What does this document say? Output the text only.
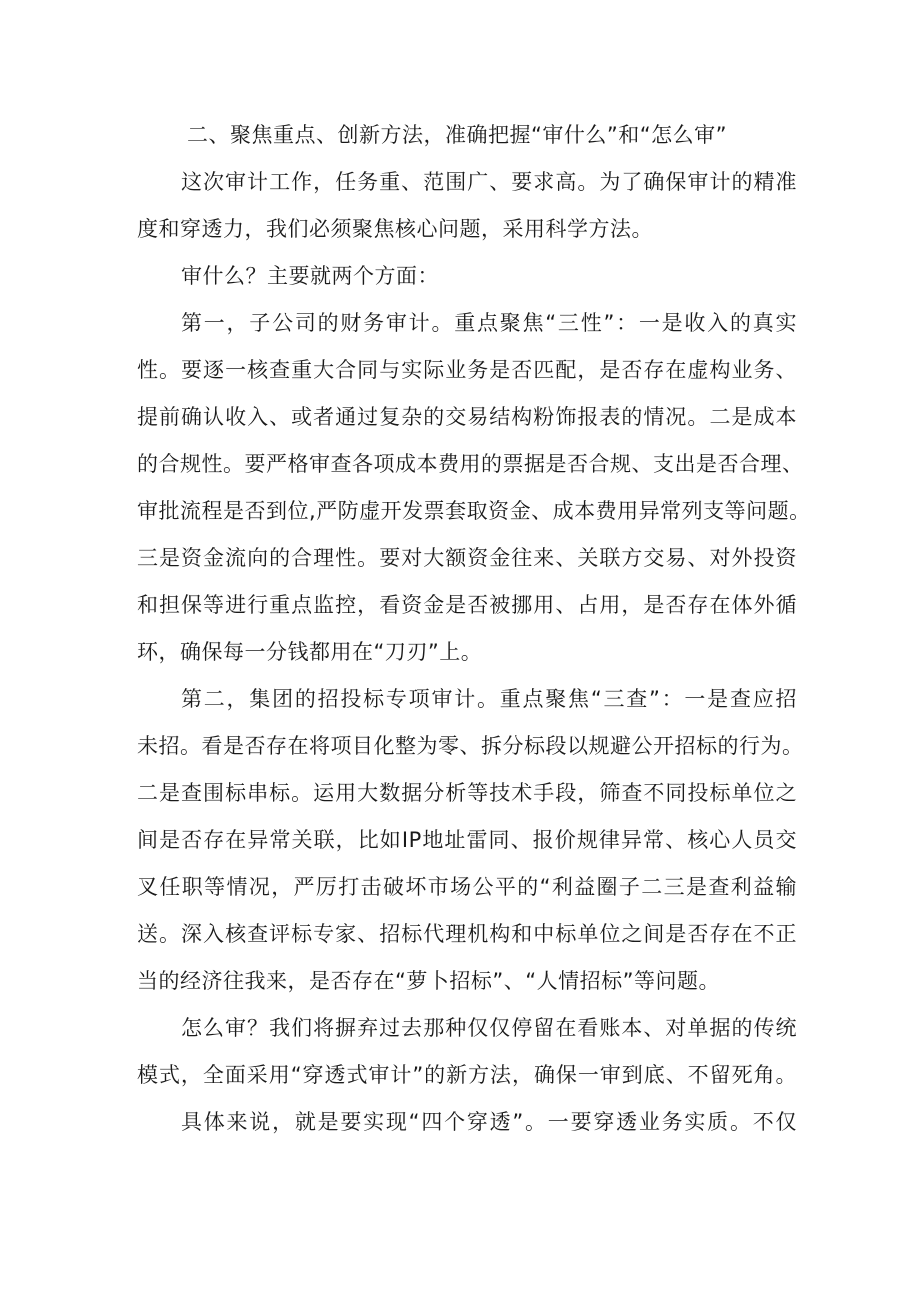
二、聚焦重点、创新方法，准确把握“审什么”和“怎么审”
这次审计工作，任务重、范围广、要求高。为了确保审计的精准
度和穿透力，我们必须聚焦核心问题，采用科学方法。
审什么？主要就两个方面：
第一，子公司的财务审计。重点聚焦“三性”：一是收入的真实
性。要逐一核查重大合同与实际业务是否匹配，是否存在虚构业务、
提前确认收入、或者通过复杂的交易结构粉饰报表的情况。二是成本
的合规性。要严格审查各项成本费用的票据是否合规、支出是否合理、
审批流程是否到位,严防虚开发票套取资金、成本费用异常列支等问题。
三是资金流向的合理性。要对大额资金往来、关联方交易、对外投资
和担保等进行重点监控，看资金是否被挪用、占用，是否存在体外循
环，确保每一分钱都用在“刀刃”上。
第二，集团的招投标专项审计。重点聚焦“三查”：一是查应招
未招。看是否存在将项目化整为零、拆分标段以规避公开招标的行为。
二是查围标串标。运用大数据分析等技术手段，筛查不同投标单位之
间是否存在异常关联，比如IP地址雷同、报价规律异常、核心人员交
叉任职等情况，严厉打击破坏市场公平的“利益圈子二三是查利益输
送。深入核查评标专家、招标代理机构和中标单位之间是否存在不正
当的经济往我来，是否存在“萝卜招标”、“人情招标”等问题。
怎么审？我们将摒弃过去那种仅仅停留在看账本、对单据的传统
模式，全面采用“穿透式审计”的新方法，确保一审到底、不留死角。
具体来说，就是要实现“四个穿透”。一要穿透业务实质。不仅
